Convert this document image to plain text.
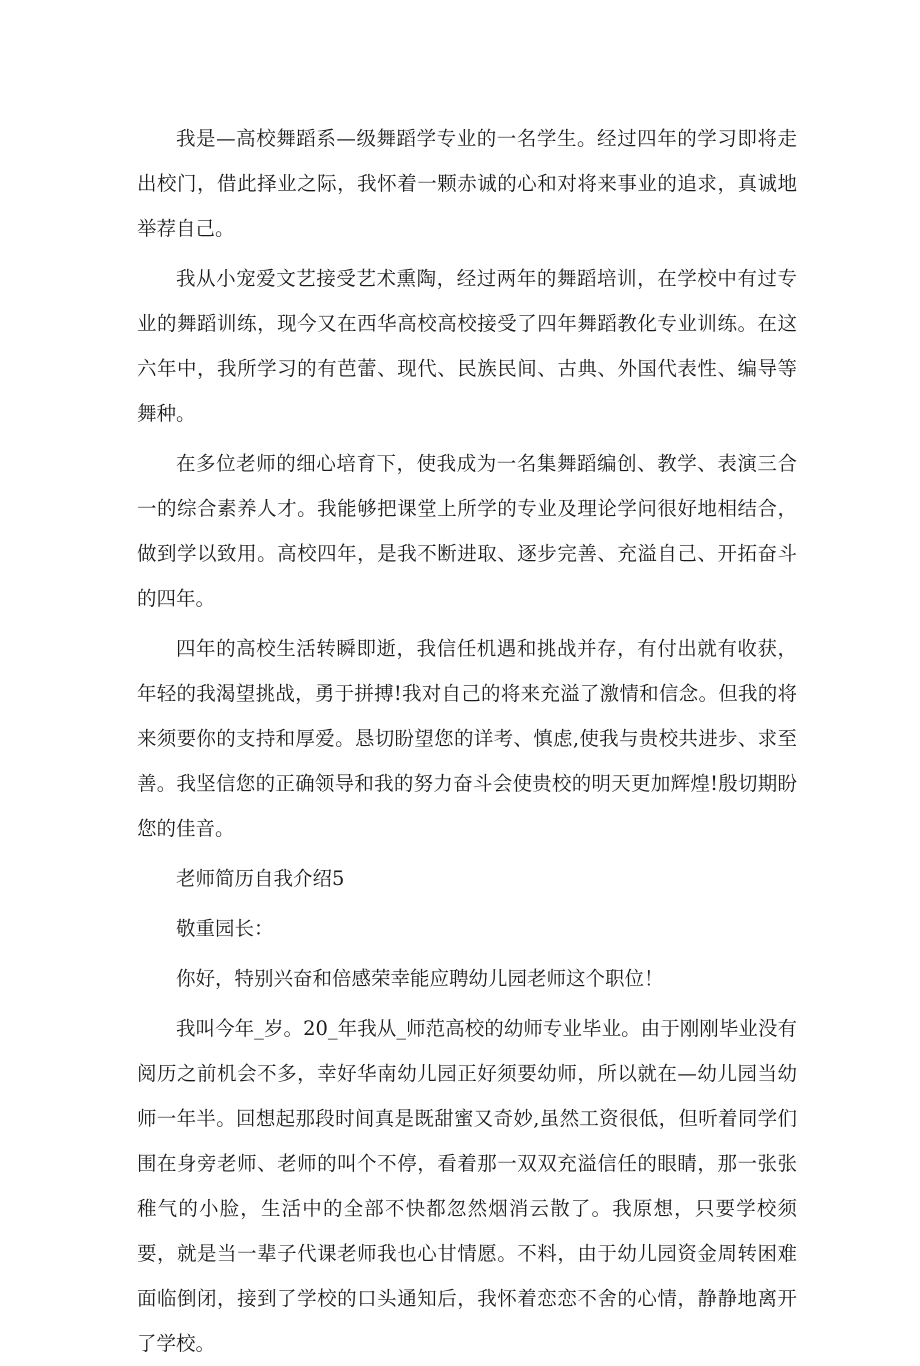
我是—高校舞蹈系—级舞蹈学专业的一名学生。经过四年的学习即将走出校门，借此择业之际，我怀着一颗赤诚的心和对将来事业的追求，真诚地举荐自己。

我从小宠爱文艺接受艺术熏陶，经过两年的舞蹈培训，在学校中有过专业的舞蹈训练，现今又在西华高校高校接受了四年舞蹈教化专业训练。在这六年中，我所学习的有芭蕾、现代、民族民间、古典、外国代表性、编导等舞种。

在多位老师的细心培育下，使我成为一名集舞蹈编创、教学、表演三合一的综合素养人才。我能够把课堂上所学的专业及理论学问很好地相结合，做到学以致用。高校四年，是我不断进取、逐步完善、充溢自己、开拓奋斗的四年。

四年的高校生活转瞬即逝，我信任机遇和挑战并存，有付出就有收获，年轻的我渴望挑战，勇于拼搏!我对自己的将来充溢了激情和信念。但我的将来须要你的支持和厚爱。恳切盼望您的详考、慎虑,使我与贵校共进步、求至善。我坚信您的正确领导和我的努力奋斗会使贵校的明天更加辉煌!殷切期盼您的佳音。

老师简历自我介绍5

敬重园长：

你好，特别兴奋和倍感荣幸能应聘幼儿园老师这个职位！

我叫今年_岁。20_年我从_师范高校的幼师专业毕业。由于刚刚毕业没有阅历之前机会不多，幸好华南幼儿园正好须要幼师，所以就在—幼儿园当幼师一年半。回想起那段时间真是既甜蜜又奇妙,虽然工资很低，但听着同学们围在身旁老师、老师的叫个不停，看着那一双双充溢信任的眼睛，那一张张稚气的小脸，生活中的全部不快都忽然烟消云散了。我原想，只要学校须要，就是当一辈子代课老师我也心甘情愿。不料，由于幼儿园资金周转困难面临倒闭，接到了学校的口头通知后，我怀着恋恋不舍的心情，静静地离开了学校。
